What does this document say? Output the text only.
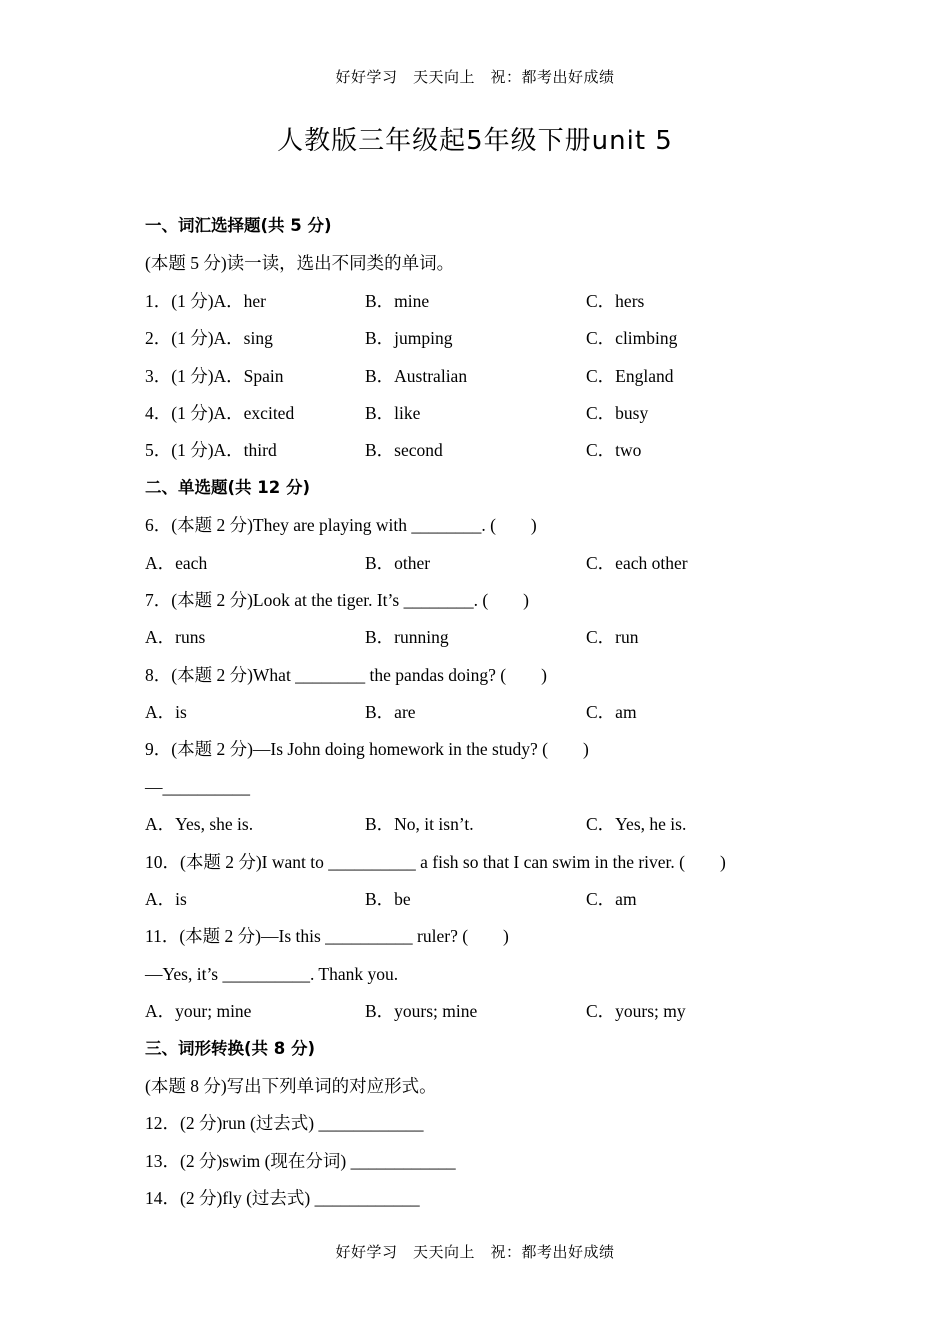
好好学习　天天向上　祝：都考出好成绩
人教版三年级起5年级下册unit 5
一、词汇选择题(共 5 分)
(本题 5 分)读一读，选出不同类的单词。
1．(1 分)A．her	B．mine	C．hers
2．(1 分)A．sing	B．jumping	C．climbing
3．(1 分)A．Spain	B．Australian	C．England
4．(1 分)A．excited	B．like	C．busy
5．(1 分)A．third	B．second	C．two
二、单选题(共 12 分)
6．(本题 2 分)They are playing with ________. (　　)
A．each	B．other	C．each other
7．(本题 2 分)Look at the tiger. It’s ________. (　　)
A．runs	B．running	C．run
8．(本题 2 分)What ________ the pandas doing? (　　)
A．is	B．are	C．am
9．(本题 2 分)—Is John doing homework in the study? (　　)
—__________
A．Yes, she is.	B．No, it isn’t.	C．Yes, he is.
10．(本题 2 分)I want to __________ a fish so that I can swim in the river. (　　)
A．is	B．be	C．am
11．(本题 2 分)—Is this __________ ruler? (　　)
—Yes, it’s __________. Thank you.
A．your; mine	B．yours; mine	C．yours; my
三、词形转换(共 8 分)
(本题 8 分)写出下列单词的对应形式。
12．(2 分)run (过去式) ____________
13．(2 分)swim (现在分词) ____________
14．(2 分)fly (过去式) ____________
好好学习　天天向上　祝：都考出好成绩
